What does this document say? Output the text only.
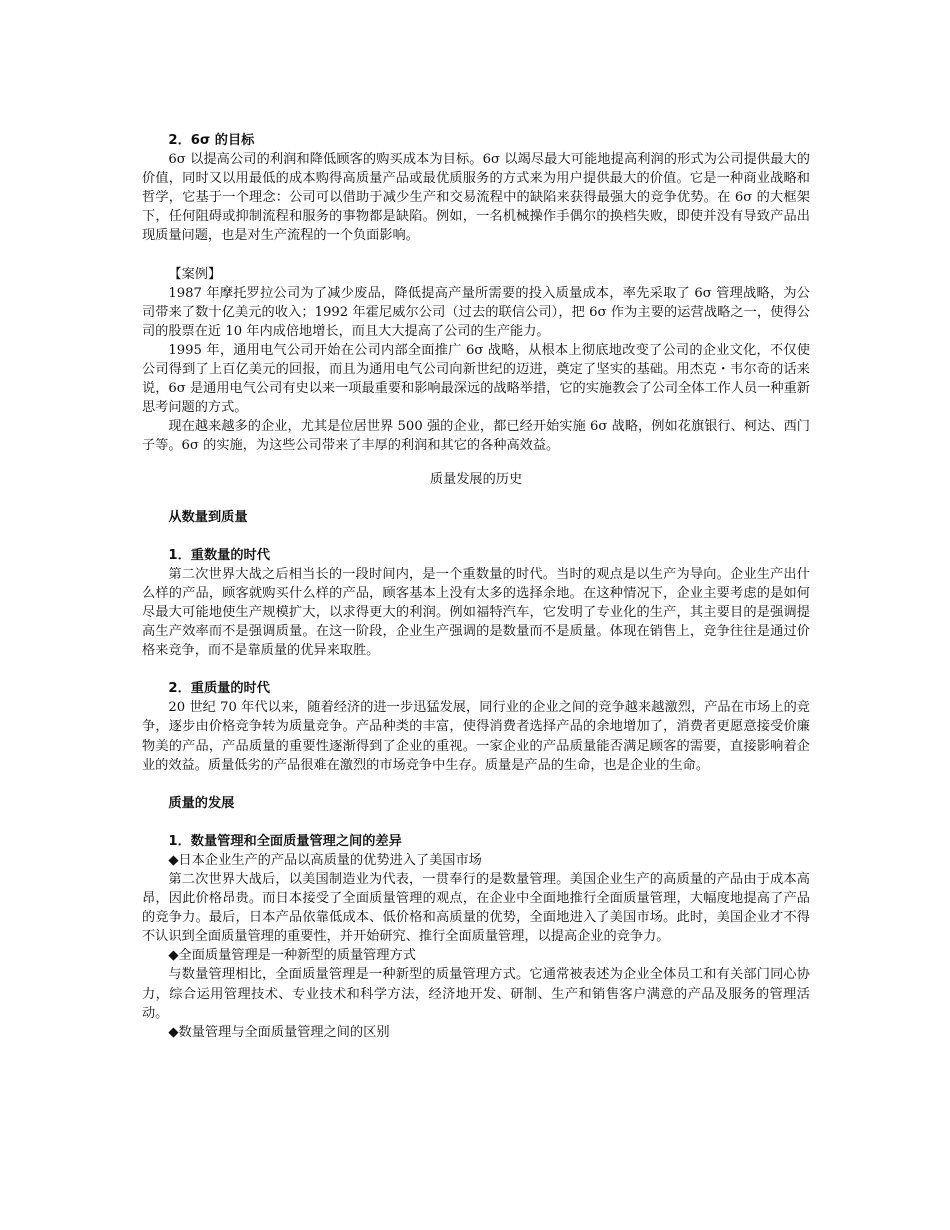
2．6σ 的目标

6σ 以提高公司的利润和降低顾客的购买成本为目标。6σ 以竭尽最大可能地提高利润的形式为公司提供最大的价值，同时又以用最低的成本购得高质量产品或最优质服务的方式来为用户提供最大的价值。它是一种商业战略和哲学，它基于一个理念：公司可以借助于减少生产和交易流程中的缺陷来获得最强大的竞争优势。在 6σ 的大框架下，任何阻碍或抑制流程和服务的事物都是缺陷。例如，一名机械操作手偶尔的换档失败，即使并没有导致产品出现质量问题，也是对生产流程的一个负面影响。

【案例】

1987 年摩托罗拉公司为了减少废品，降低提高产量所需要的投入质量成本，率先采取了 6σ 管理战略，为公司带来了数十亿美元的收入；1992 年霍尼威尔公司（过去的联信公司），把 6σ 作为主要的运营战略之一，使得公司的股票在近 10 年内成倍地增长，而且大大提高了公司的生产能力。

1995 年，通用电气公司开始在公司内部全面推广 6σ 战略，从根本上彻底地改变了公司的企业文化，不仅使公司得到了上百亿美元的回报，而且为通用电气公司向新世纪的迈进，奠定了坚实的基础。用杰克・韦尔奇的话来说，6σ 是通用电气公司有史以来一项最重要和影响最深远的战略举措，它的实施教会了公司全体工作人员一种重新思考问题的方式。

现在越来越多的企业，尤其是位居世界 500 强的企业，都已经开始实施 6σ 战略，例如花旗银行、柯达、西门子等。6σ 的实施，为这些公司带来了丰厚的利润和其它的各种高效益。

质量发展的历史

从数量到质量

1．重数量的时代

第二次世界大战之后相当长的一段时间内，是一个重数量的时代。当时的观点是以生产为导向。企业生产出什么样的产品，顾客就购买什么样的产品，顾客基本上没有太多的选择余地。在这种情况下，企业主要考虑的是如何尽最大可能地使生产规模扩大，以求得更大的利润。例如福特汽车，它发明了专业化的生产，其主要目的是强调提高生产效率而不是强调质量。在这一阶段，企业生产强调的是数量而不是质量。体现在销售上，竞争往往是通过价格来竞争，而不是靠质量的优异来取胜。

2．重质量的时代

20 世纪 70 年代以来，随着经济的进一步迅猛发展，同行业的企业之间的竞争越来越激烈，产品在市场上的竞争，逐步由价格竞争转为质量竞争。产品种类的丰富，使得消费者选择产品的余地增加了，消费者更愿意接受价廉物美的产品，产品质量的重要性逐渐得到了企业的重视。一家企业的产品质量能否满足顾客的需要，直接影响着企业的效益。质量低劣的产品很难在激烈的市场竞争中生存。质量是产品的生命，也是企业的生命。

质量的发展

1．数量管理和全面质量管理之间的差异

◆日本企业生产的产品以高质量的优势进入了美国市场

第二次世界大战后，以美国制造业为代表，一贯奉行的是数量管理。美国企业生产的高质量的产品由于成本高昂，因此价格昂贵。而日本接受了全面质量管理的观点，在企业中全面地推行全面质量管理，大幅度地提高了产品的竞争力。最后，日本产品依靠低成本、低价格和高质量的优势，全面地进入了美国市场。此时，美国企业才不得不认识到全面质量管理的重要性，并开始研究、推行全面质量管理，以提高企业的竞争力。

◆全面质量管理是一种新型的质量管理方式

与数量管理相比，全面质量管理是一种新型的质量管理方式。它通常被表述为企业全体员工和有关部门同心协力，综合运用管理技术、专业技术和科学方法，经济地开发、研制、生产和销售客户满意的产品及服务的管理活动。

◆数量管理与全面质量管理之间的区别
